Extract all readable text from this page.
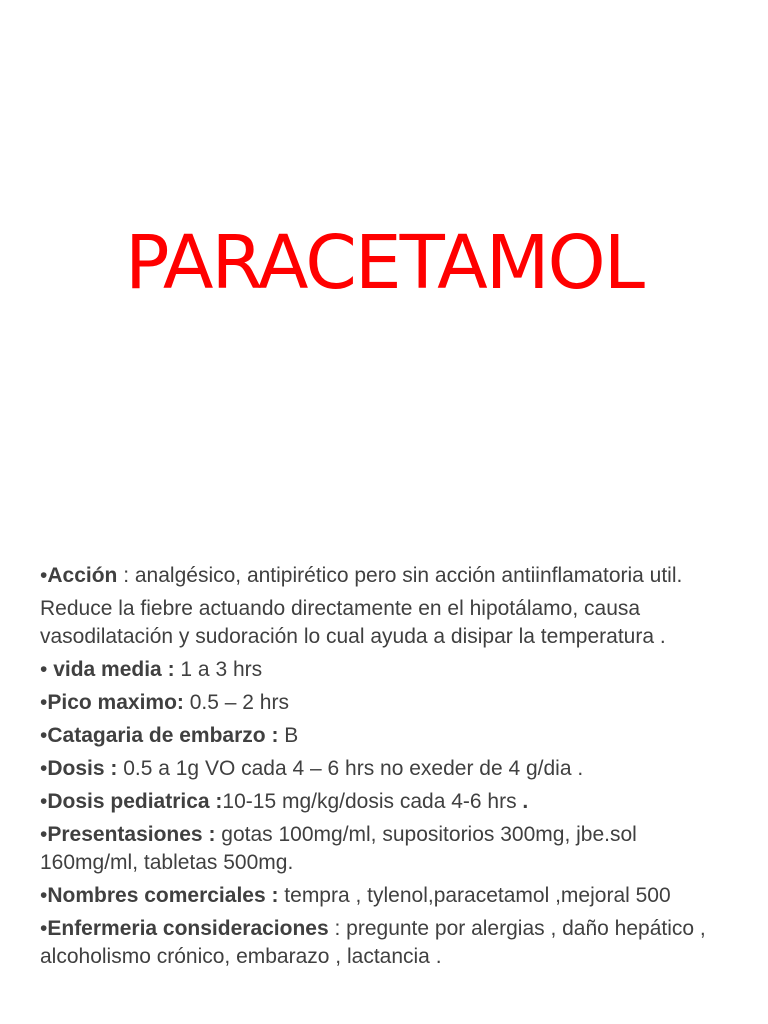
PARACETAMOL
•Acción : analgésico, antipirético pero sin acción antiinflamatoria util.
Reduce la fiebre actuando directamente en el hipotálamo, causa vasodilatación y sudoración lo cual ayuda a disipar la temperatura .
• vida media : 1 a 3 hrs
•Pico maximo: 0.5 – 2 hrs
•Catagaria de embarzo : B
•Dosis : 0.5 a 1g VO cada 4 – 6 hrs no exeder de 4 g/dia .
•Dosis pediatrica :10-15 mg/kg/dosis cada 4-6 hrs .
•Presentasiones : gotas 100mg/ml, supositorios 300mg, jbe.sol 160mg/ml, tabletas 500mg.
•Nombres comerciales : tempra , tylenol,paracetamol ,mejoral 500
•Enfermeria consideraciones : pregunte por alergias , daño hepático , alcoholismo crónico, embarazo , lactancia .
